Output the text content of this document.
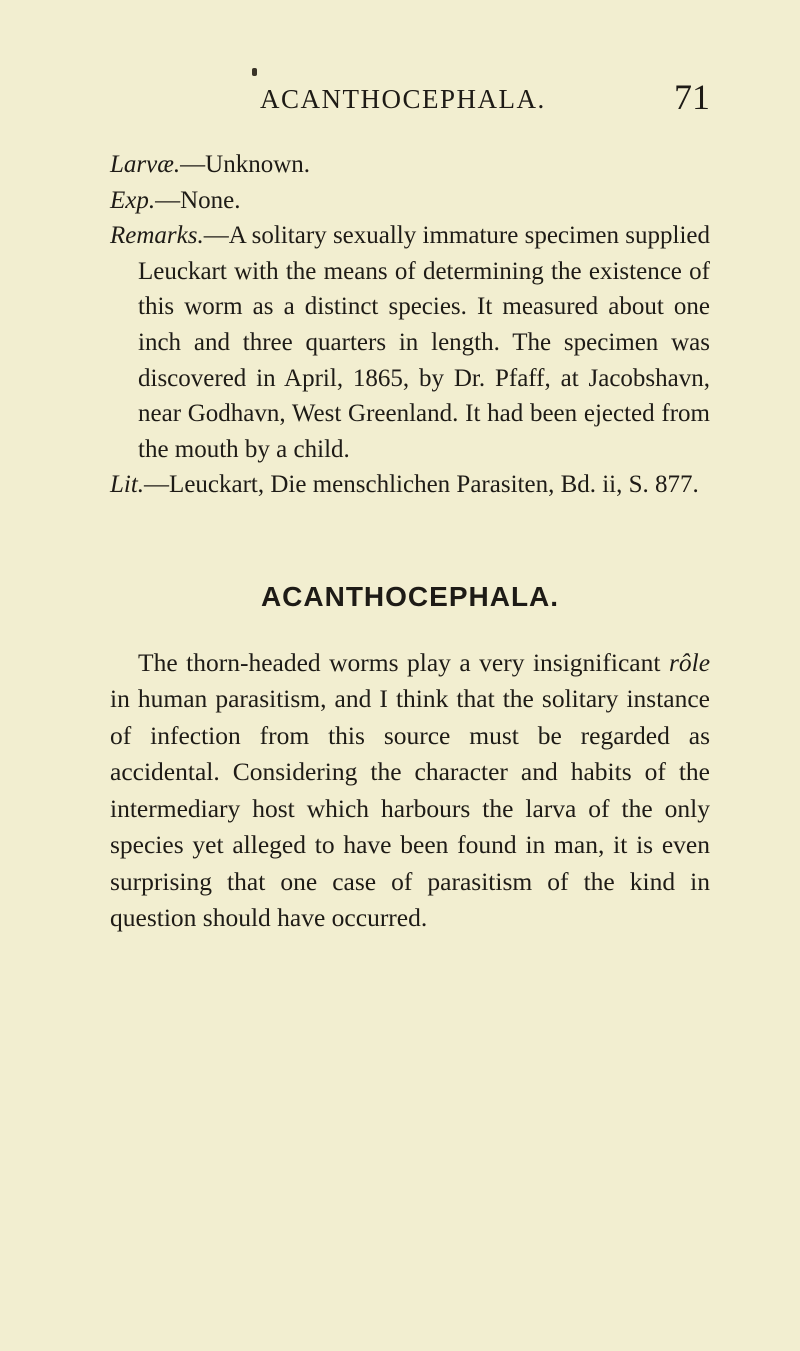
ACANTHOCEPHALA.	71

Larvæ.—Unknown.

Exp.—None.

Remarks.—A solitary sexually immature specimen supplied Leuckart with the means of determining the existence of this worm as a distinct species. It measured about one inch and three quarters in length. The specimen was discovered in April, 1865, by Dr. Pfaff, at Jacobshavn, near Godhavn, West Greenland. It had been ejected from the mouth by a child.

Lit.—Leuckart, Die menschlichen Parasiten, Bd. ii, S. 877.

ACANTHOCEPHALA.

The thorn-headed worms play a very insignificant rôle in human parasitism, and I think that the solitary instance of infection from this source must be regarded as accidental. Considering the character and habits of the intermediary host which harbours the larva of the only species yet alleged to have been found in man, it is even surprising that one case of parasitism of the kind in question should have occurred.
